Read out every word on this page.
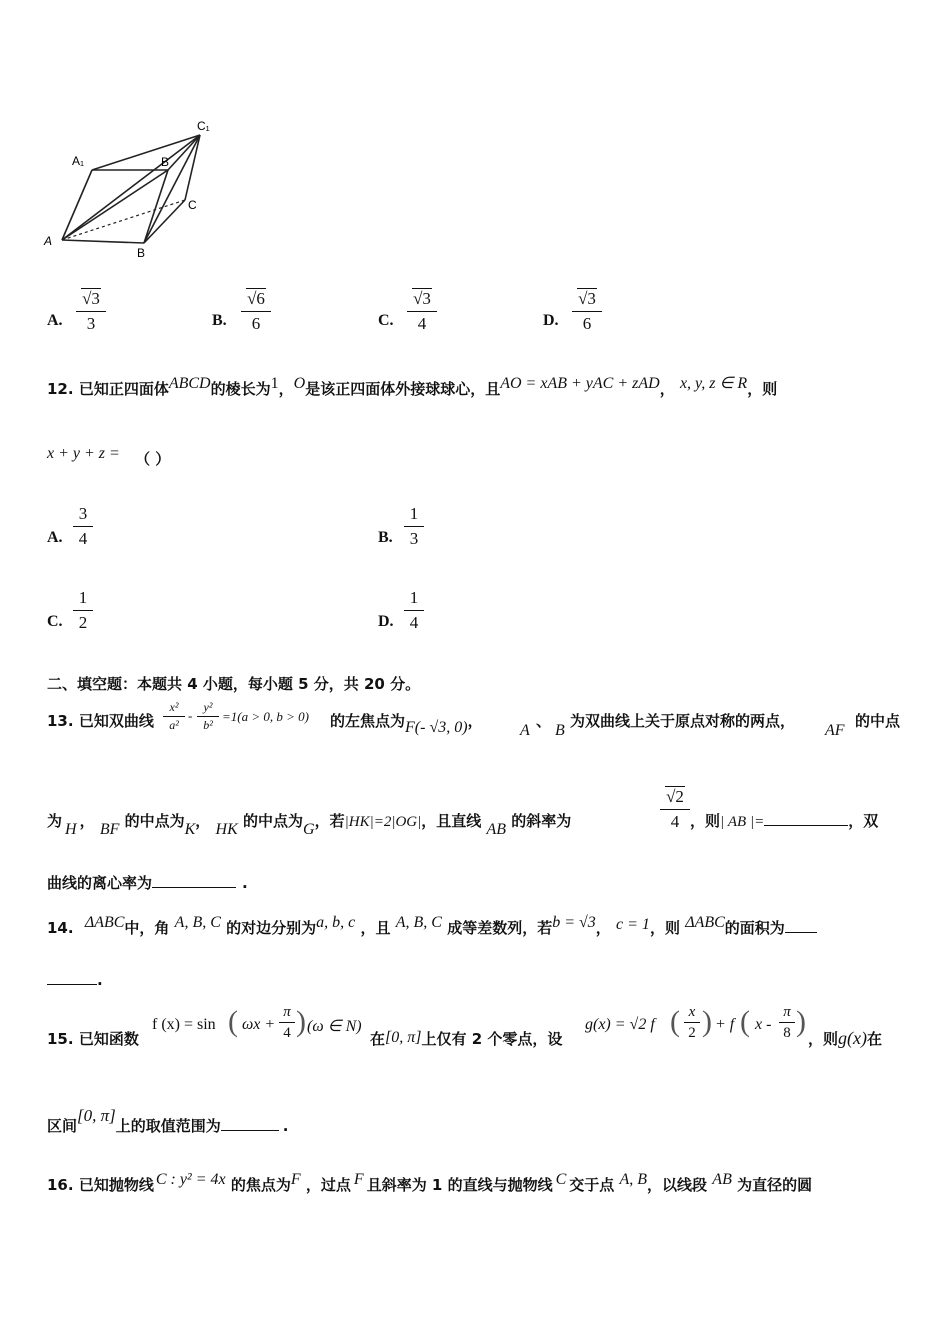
A₁	B
C₁
C
A
B
A.
√3
3	B.
√6
6	C.
√3
4	D.
√3
6
12. 已知正四面体ABCD的棱长为1，O是该正四面体外接球球心，且AO = xAB + yAC + zAD， x, y, z ∈ R，则
x + y + z = （ ）
A.
3
4	B.
1
3
C.
1
2	D.
1
4
二、填空题：本题共 4 小题，每小题 5 分，共 20 分。
13. 已知双曲线
x²
a²
-
y²
b²
=1(a > 0, b > 0) 的左焦点为F(- √3, 0)，
A
、
B
为双曲线上关于原点对称的两点，
AF
的中点
为 H ， BF 的中点为K， HK 的中点为G，若|HK|=2|OG|，且直线 AB 的斜率为
√2
4 ，则| AB |=	，双
曲线的离心率为	.
14. ΔABC中，角 A, B, C 的对边分别为a, b, c ，且 A, B, C 成等差数列，若b = √3， c = 1，则 ΔABC的面积为
.
15. 已知函数
f (x) = sin ( ωx +
π
4 ) (ω ∈ N)
在[0, π]上仅有 2 个零点，设
g(x) = √2 f ( x
2 ) + f ( x -
π
8 )
，则g(x)在
区间[0, π]上的取值范围为	.
16. 已知抛物线 C : y² = 4x 的焦点为F ，过点 F 且斜率为 1 的直线与抛物线 C 交于点 A, B，以线段 AB 为直径的圆
